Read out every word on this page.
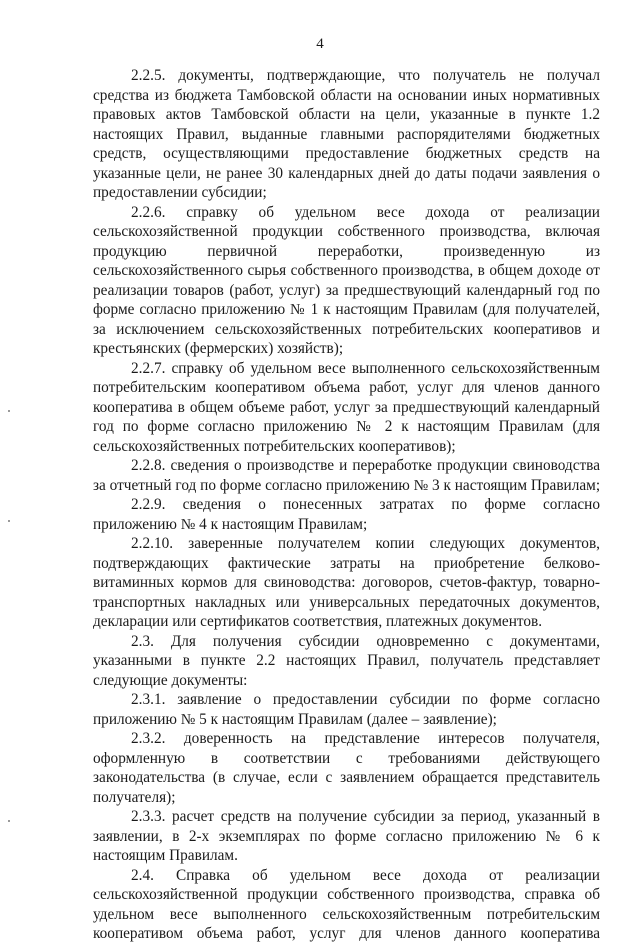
4

2.2.5. документы, подтверждающие, что получатель не получал
средства из бюджета Тамбовской области на основании иных нормативных
правовых актов Тамбовской области на цели, указанные в пункте 1.2
настоящих Правил, выданные главными распорядителями бюджетных
средств, осуществляющими предоставление бюджетных средств на
указанные цели, не ранее 30 календарных дней до даты подачи заявления о
предоставлении субсидии;

2.2.6. справку об удельном весе дохода от реализации
сельскохозяйственной продукции собственного производства, включая
продукцию первичной переработки, произведенную из
сельскохозяйственного сырья собственного производства, в общем доходе от
реализации товаров (работ, услуг) за предшествующий календарный год по
форме согласно приложению № 1 к настоящим Правилам (для получателей,
за исключением сельскохозяйственных потребительских кооперативов и
крестьянских (фермерских) хозяйств);

2.2.7. справку об удельном весе выполненного сельскохозяйственным
потребительским кооперативом объема работ, услуг для членов данного
кооператива в общем объеме работ, услуг за предшествующий календарный
год по форме согласно приложению № 2 к настоящим Правилам (для
сельскохозяйственных потребительских кооперативов);

2.2.8. сведения о производстве и переработке продукции свиноводства
за отчетный год по форме согласно приложению № 3 к настоящим Правилам;

2.2.9. сведения о понесенных затратах по форме согласно
приложению № 4 к настоящим Правилам;

2.2.10. заверенные получателем копии следующих документов,
подтверждающих фактические затраты на приобретение белково-
витаминных кормов для свиноводства: договоров, счетов-фактур, товарно-
транспортных накладных или универсальных передаточных документов,
декларации или сертификатов соответствия, платежных документов.

2.3. Для получения субсидии одновременно с документами,
указанными в пункте 2.2 настоящих Правил, получатель представляет
следующие документы:

2.3.1. заявление о предоставлении субсидии по форме согласно
приложению № 5 к настоящим Правилам (далее – заявление);

2.3.2. доверенность на представление интересов получателя,
оформленную в соответствии с требованиями действующего
законодательства (в случае, если с заявлением обращается представитель
получателя);

2.3.3. расчет средств на получение субсидии за период, указанный в
заявлении, в 2-х экземплярах по форме согласно приложению № 6 к
настоящим Правилам.

2.4. Справка об удельном весе дохода от реализации
сельскохозяйственной продукции собственного производства, справка об
удельном весе выполненного сельскохозяйственным потребительским
кооперативом объема работ, услуг для членов данного кооператива
